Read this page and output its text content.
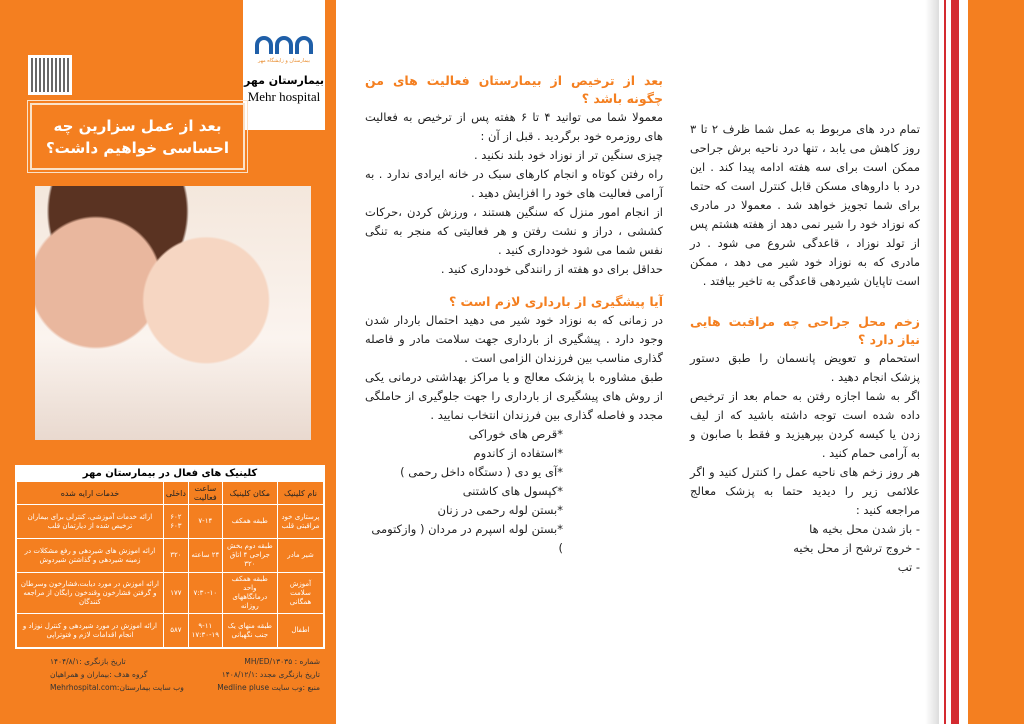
بیمارستان و زایشگاه مهر
بیمارستان مهر
Mehr hospital
بعد از عمل سزارین چه احساسی خواهیم داشت؟
کلینیک های فعال در بیمارستان مهر
نام کلینیک	مکان کلینیک	ساعت فعالیت	داخلی	خدمات ارایه شده
پرستاری خود مراقبتی قلب	طبقه همکف	۷-۱۴	۶۰۲ ۶۰۳	ارائه خدمات آموزشی، کنترلی برای بیماران ترخیص شده از دیارتمان قلب
شیر مادر	طبقه دوم بخش جراحی ۴ اتاق ۳۲۰	۲۴ ساعته	۳۲۰	ارائه اموزش های شیردهی و رفع مشکلات در زمینه شیردهی و گذاشتن شیردوش
آموزش سلامت همگانی	طبقه همکف واحد درمانگاههای روزانه	۷:۳۰-۱۰	۱۷۷	ارائه اموزش در مورد دیابت،فشارخون وسرطان و گرفتن فشارخون وقندخون رایگان از مراجعه کنندگان
اطفال	طبقه منهای یک جنب نگهبانی	۹-۱۱ ۱۷:۳۰-۱۹	۵۸۷	ارائه اموزش در مورد شیردهی و کنترل نوزاد و انجام اقدامات لازم و فتوتراپی
شماره : MH/ED/۱۳۰۳۵
تاریخ بازنگری :۱۴۰۴/۸/۱
تاریخ بازنگری مجدد :۱۴۰۸/۱۲/۱
گروه هدف :بیماران و همراهیان
منبع :وب سایت Medline pluse
وب سایت بیمارستان:Mehrhospital.com
بعد از ترخیص از بیمارستان فعالیت های من چگونه باشد ؟

معمولا شما می توانید ۴ تا ۶ هفته پس از ترخیص به فعالیت های روزمره خود برگردید . قبل از آن :

چیزی سنگین تر از نوزاد خود بلند نکنید .

راه رفتن کوتاه و انجام کارهای سبک در خانه ایرادی ندارد . به آرامی فعالیت های خود را افزایش دهید .

از انجام امور منزل که سنگین هستند ، ورزش کردن ،حرکات کششی ، دراز و نشت رفتن و هر فعالیتی که منجر به تنگی نفس شما می شود خودداری کنید .

حداقل برای دو هفته از رانندگی خودداری کنید .

آیا پیشگیری از بارداری لازم است ؟

در زمانی که به نوزاد خود شیر می دهید احتمال باردار شدن وجود دارد . پیشگیری از بارداری جهت سلامت مادر و فاصله گذاری مناسب بین فرزندان الزامی است .

طبق مشاوره با پزشک معالج و یا مراکز بهداشتی درمانی یکی از روش های پیشگیری از بارداری را جهت جلوگیری از حاملگی مجدد و فاصله گذاری بین فرزندان انتخاب نمایید .

*قرص های خوراکی

*استفاده از کاندوم

*آی یو دی ( دستگاه داخل رحمی )

*کپسول های کاشتنی

*بستن لوله رحمی در زنان

*بستن لوله اسپرم در مردان ( وازکتومی )

تمام درد های مربوط به عمل شما ظرف ۲ تا ۳ روز کاهش می یابد ، تنها درد ناحیه برش جراحی ممکن است برای سه هفته ادامه پیدا کند . این درد با داروهای مسکن قابل کنترل است که حتما برای شما تجویز خواهد شد . معمولا در مادری که نوزاد خود را شیر نمی دهد از هفته هشتم پس از تولد نوزاد ، قاعدگی شروع می شود . در مادری که به نوزاد خود شیر می دهد ، ممکن است تاپایان شیردهی قاعدگی به تاخیر بیافتد .

زخم محل جراحی چه مراقبت هایی نیاز دارد ؟

استحمام و تعویض پانسمان را طبق دستور پزشک انجام دهید .

اگر به شما اجازه رفتن به حمام بعد از ترخیص داده شده است توجه داشته باشید که از لیف زدن یا کیسه کردن بپرهیزید و فقط با صابون و به آرامی حمام کنید .

هر روز زخم های ناحیه عمل را کنترل کنید و اگر علائمی زیر را دیدید حتما به پزشک معالج مراجعه کنید :

- باز شدن محل بخیه ها

- خروج ترشح از محل بخیه

- تب
